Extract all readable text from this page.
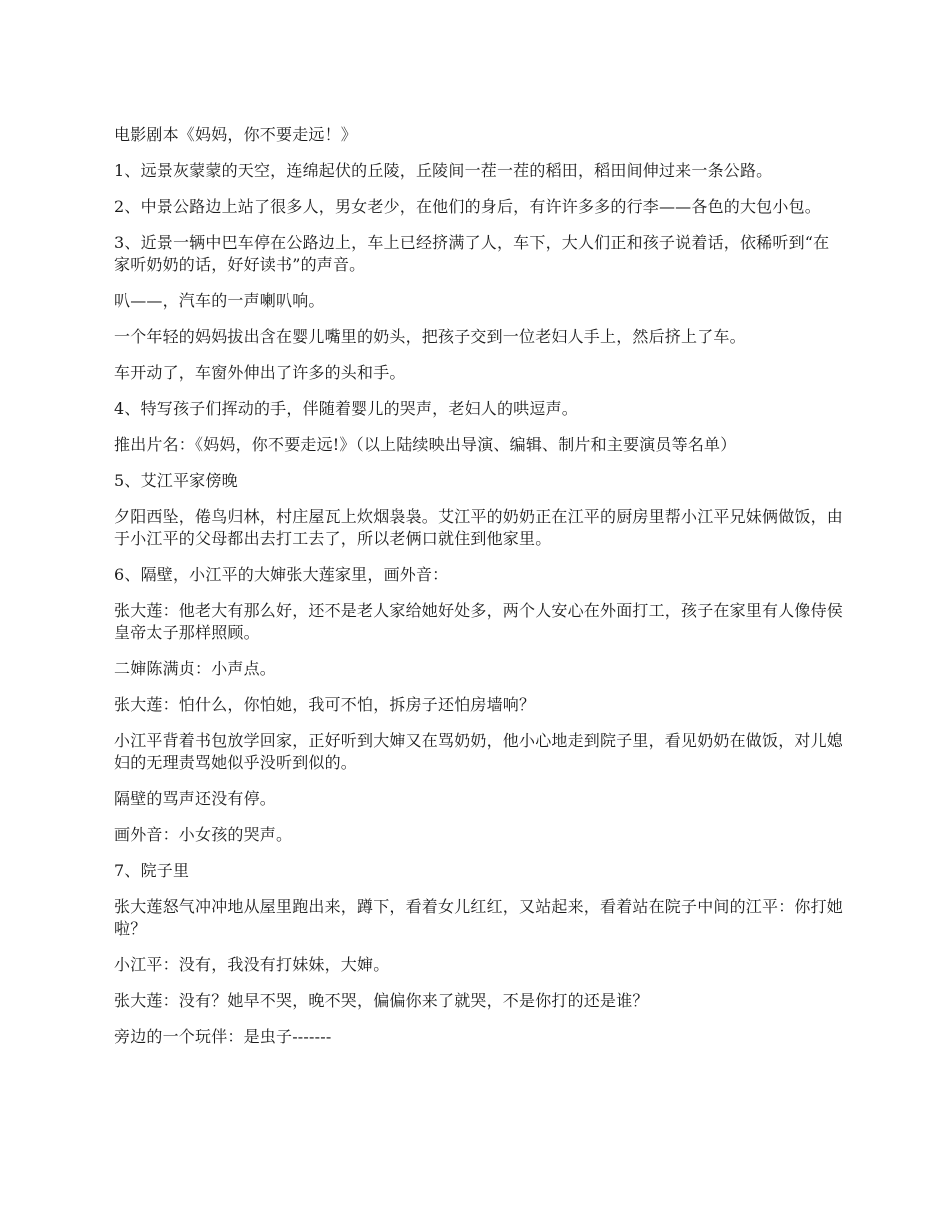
电影剧本《妈妈，你不要走远！》

1、远景灰蒙蒙的天空，连绵起伏的丘陵，丘陵间一茬一茬的稻田，稻田间伸过来一条公路。

2、中景公路边上站了很多人，男女老少，在他们的身后，有许许多多的行李——各色的大包小包。

3、近景一辆中巴车停在公路边上，车上已经挤满了人，车下，大人们正和孩子说着话，依稀听到“在家听奶奶的话，好好读书”的声音。

叭——，汽车的一声喇叭响。

一个年轻的妈妈拔出含在婴儿嘴里的奶头，把孩子交到一位老妇人手上，然后挤上了车。

车开动了，车窗外伸出了许多的头和手。

4、特写孩子们挥动的手，伴随着婴儿的哭声，老妇人的哄逗声。

推出片名：《妈妈，你不要走远!》（以上陆续映出导演、编辑、制片和主要演员等名单）

5、艾江平家傍晚

夕阳西坠，倦鸟归林，村庄屋瓦上炊烟袅袅。艾江平的奶奶正在江平的厨房里帮小江平兄妹俩做饭，由于小江平的父母都出去打工去了，所以老俩口就住到他家里。

6、隔壁，小江平的大婶张大莲家里，画外音：

张大莲：他老大有那么好，还不是老人家给她好处多，两个人安心在外面打工，孩子在家里有人像侍侯皇帝太子那样照顾。

二婶陈满贞：小声点。

张大莲：怕什么，你怕她，我可不怕，拆房子还怕房墙响？

小江平背着书包放学回家，正好听到大婶又在骂奶奶，他小心地走到院子里，看见奶奶在做饭，对儿媳妇的无理责骂她似乎没听到似的。

隔壁的骂声还没有停。

画外音：小女孩的哭声。

7、院子里

张大莲怒气冲冲地从屋里跑出来，蹲下，看着女儿红红，又站起来，看着站在院子中间的江平：你打她啦？

小江平：没有，我没有打妹妹，大婶。

张大莲：没有？她早不哭，晚不哭，偏偏你来了就哭，不是你打的还是谁？

旁边的一个玩伴：是虫子-------
